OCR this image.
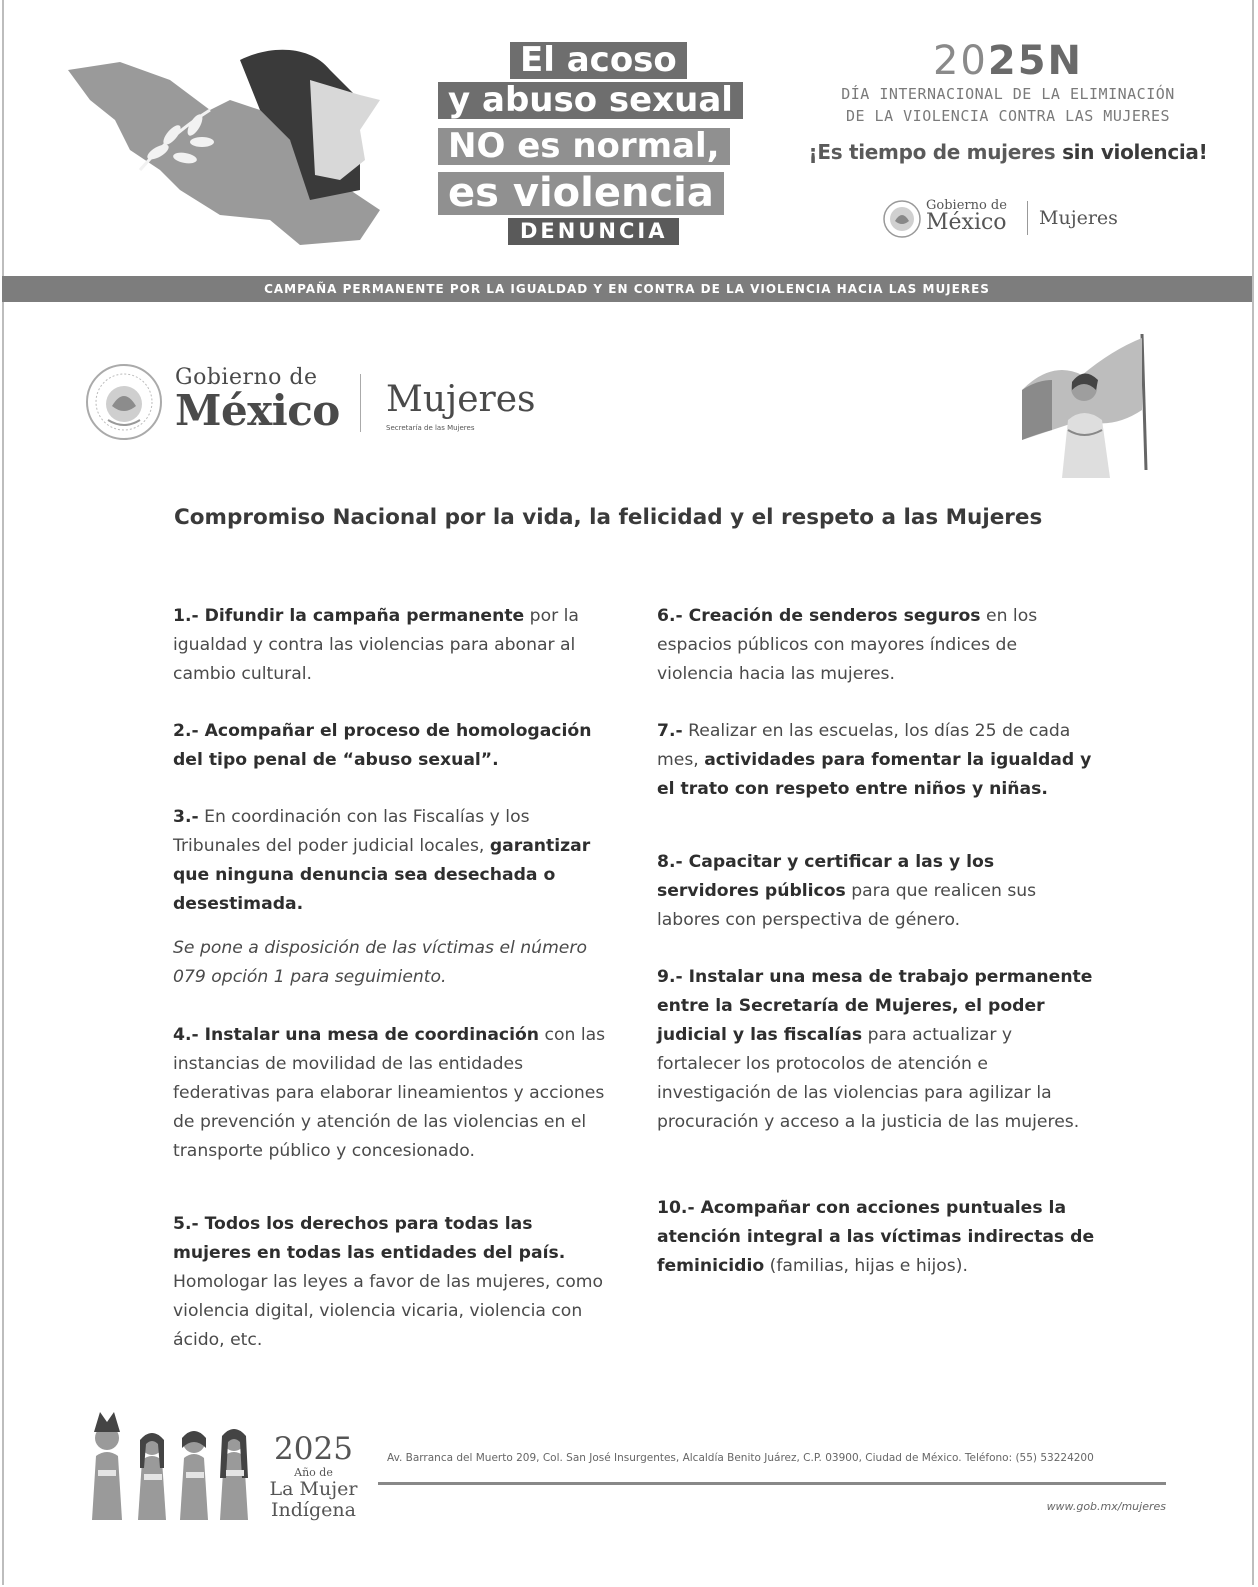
El acoso
y abuso sexual
NO es normal,
es violencia
DENUNCIA
2025N
DÍA INTERNACIONAL DE LA ELIMINACIÓN
DE LA VIOLENCIA CONTRA LAS MUJERES
¡Es tiempo de mujeres sin violencia!
Gobierno de
México Mujeres
CAMPAÑA PERMANENTE POR LA IGUALDAD Y EN CONTRA DE LA VIOLENCIA HACIA LAS MUJERES
Gobierno de
México Mujeres
Secretaría de las Mujeres
Compromiso Nacional por la vida, la felicidad y el respeto a las Mujeres
1.- Difundir la campaña permanente por la igualdad y contra las violencias para abonar al cambio cultural.
2.- Acompañar el proceso de homologación del tipo penal de “abuso sexual”.
3.- En coordinación con las Fiscalías y los Tribunales del poder judicial locales, garantizar que ninguna denuncia sea desechada o desestimada.
Se pone a disposición de las víctimas el número 079 opción 1 para seguimiento.
4.- Instalar una mesa de coordinación con las instancias de movilidad de las entidades federativas para elaborar lineamientos y acciones de prevención y atención de las violencias en el transporte público y concesionado.
5.- Todos los derechos para todas las mujeres en todas las entidades del país. Homologar las leyes a favor de las mujeres, como violencia digital, violencia vicaria, violencia con ácido, etc.
6.- Creación de senderos seguros en los espacios públicos con mayores índices de violencia hacia las mujeres.
7.- Realizar en las escuelas, los días 25 de cada mes, actividades para fomentar la igualdad y el trato con respeto entre niños y niñas.
8.- Capacitar y certificar a las y los servidores públicos para que realicen sus labores con perspectiva de género.
9.- Instalar una mesa de trabajo permanente entre la Secretaría de Mujeres, el poder judicial y las fiscalías para actualizar y fortalecer los protocolos de atención e investigación de las violencias para agilizar la procuración y acceso a la justicia de las mujeres.
10.- Acompañar con acciones puntuales la atención integral a las víctimas indirectas de feminicidio (familias, hijas e hijos).
2025
Año de
La Mujer
Indígena
Av. Barranca del Muerto 209, Col. San José Insurgentes, Alcaldía Benito Juárez, C.P. 03900, Ciudad de México. Teléfono: (55) 53224200
www.gob.mx/mujeres
